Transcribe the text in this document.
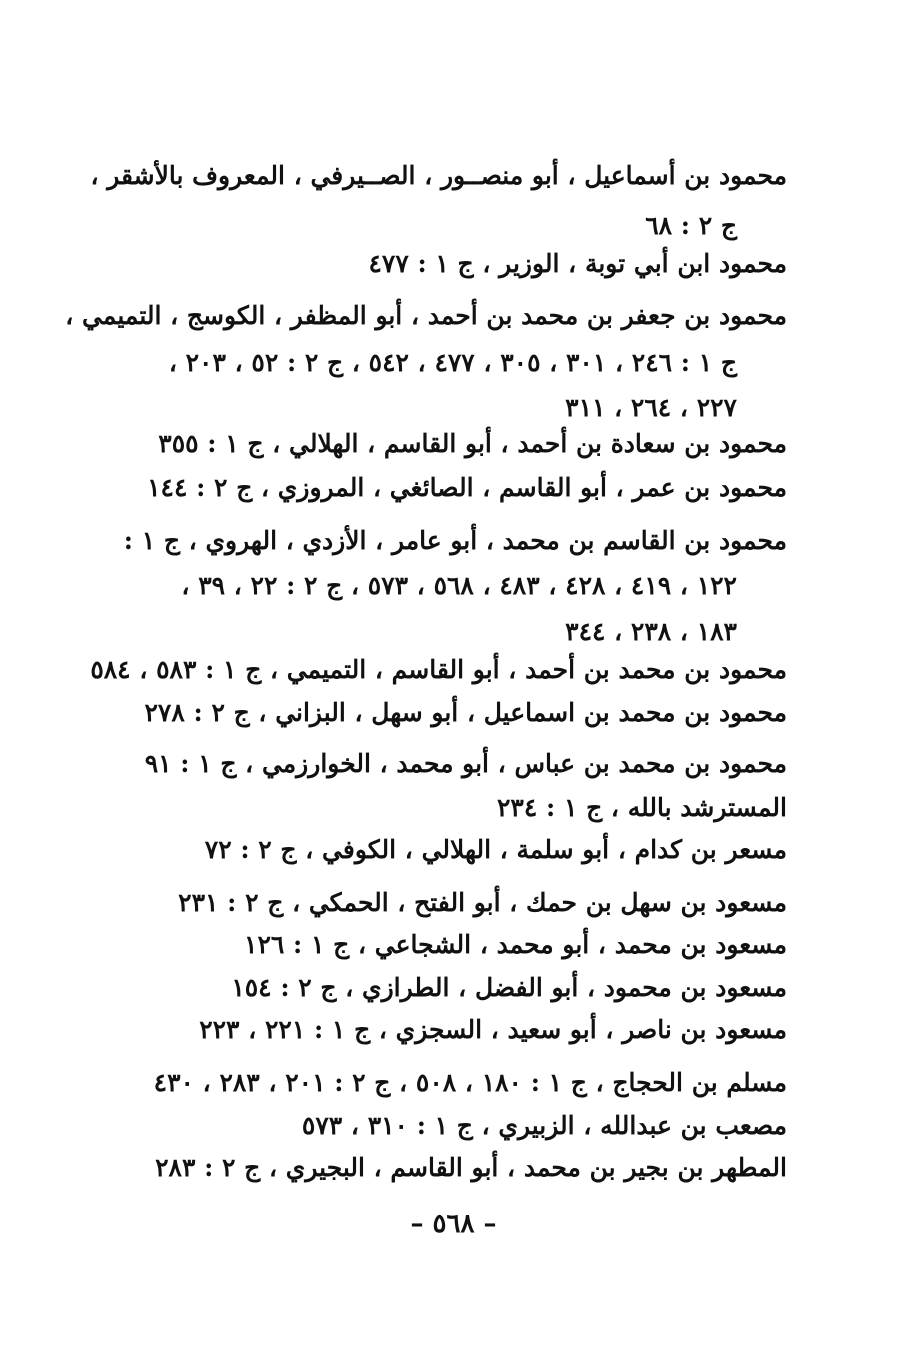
محمود بن أسماعيل ، أبو منصــور ، الصــيرفي ، المعروف بالأشقر ،
ج ٢ : ٦٨
محمود ابن أبي توبة ، الوزير ، ج ١ : ٤٧٧
محمود بن جعفر بن محمد بن أحمد ، أبو المظفر ، الكوسج ، التميمي ،
ج ١ : ٢٤٦ ، ٣٠١ ، ٣٠٥ ، ٤٧٧ ، ٥٤٢ ، ج ٢ : ٥٢ ، ٢٠٣ ،
٢٢٧ ، ٢٦٤ ، ٣١١
محمود بن سعادة بن أحمد ، أبو القاسم ، الهلالي ، ج ١ : ٣٥٥
محمود بن عمر ، أبو القاسم ، الصائغي ، المروزي ، ج ٢ : ١٤٤
محمود بن القاسم بن محمد ، أبو عامر ، الأزدي ، الهروي ، ج ١ :
١٢٢ ، ٤١٩ ، ٤٢٨ ، ٤٨٣ ، ٥٦٨ ، ٥٧٣ ، ج ٢ : ٢٢ ، ٣٩ ،
١٨٣ ، ٢٣٨ ، ٣٤٤
محمود بن محمد بن أحمد ، أبو القاسم ، التميمي ، ج ١ : ٥٨٣ ، ٥٨٤
محمود بن محمد بن اسماعيل ، أبو سهل ، البزاني ، ج ٢ : ٢٧٨
محمود بن محمد بن عباس ، أبو محمد ، الخوارزمي ، ج ١ : ٩١
المسترشد بالله ، ج ١ : ٢٣٤
مسعر بن كدام ، أبو سلمة ، الهلالي ، الكوفي ، ج ٢ : ٧٢
مسعود بن سهل بن حمك ، أبو الفتح ، الحمكي ، ج ٢ : ٢٣١
مسعود بن محمد ، أبو محمد ، الشجاعي ، ج ١ : ١٢٦
مسعود بن محمود ، أبو الفضل ، الطرازي ، ج ٢ : ١٥٤
مسعود بن ناصر ، أبو سعيد ، السجزي ، ج ١ : ٢٢١ ، ٢٢٣
مسلم بن الحجاج ، ج ١ : ١٨٠ ، ٥٠٨ ، ج ٢ : ٢٠١ ، ٢٨٣ ، ٤٣٠
مصعب بن عبدالله ، الزبيري ، ج ١ : ٣١٠ ، ٥٧٣
المطهر بن بجير بن محمد ، أبو القاسم ، البجيري ، ج ٢ : ٢٨٣
– ٥٦٨ –
